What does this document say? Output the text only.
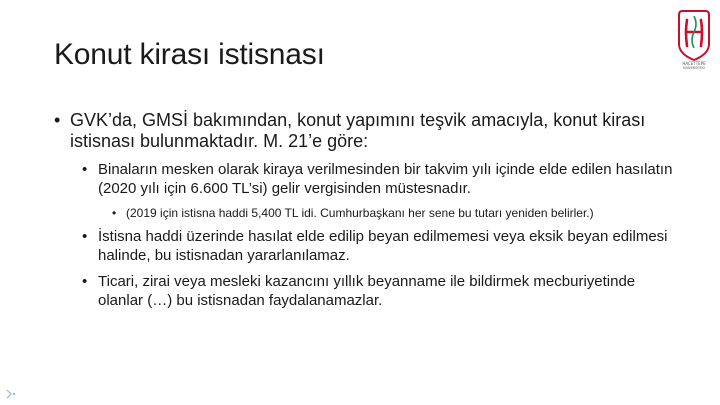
Konut kirası istisnası	HACETTEPE
ÜNİVERSİTESİ
• GVK’da, GMSİ bakımından, konut yapımını teşvik amacıyla, konut kirası istisnası bulunmaktadır. M. 21’e göre:
• Binaların mesken olarak kiraya verilmesinden bir takvim yılı içinde elde edilen hasılatın (2020 yılı için 6.600 TL’si) gelir vergisinden müstesnadır.
• (2019 için istisna haddi 5,400 TL idi. Cumhurbaşkanı her sene bu tutarı yeniden belirler.)
• İstisna haddi üzerinde hasılat elde edilip beyan edilmemesi veya eksik beyan edilmesi halinde, bu istisnadan yararlanılamaz.
• Ticari, zirai veya mesleki kazancını yıllık beyanname ile bildirmek mecburiyetinde olanlar (…) bu istisnadan faydalanamazlar.
